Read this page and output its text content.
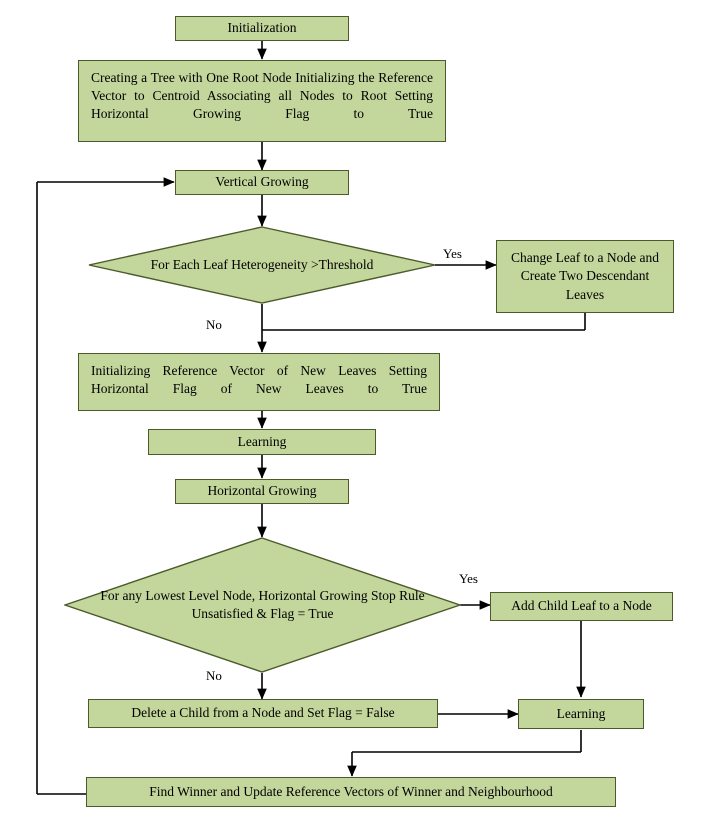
Initialization
Creating a Tree with One Root Node Initializing the Reference Vector to Centroid Associating all Nodes to Root Setting Horizontal Growing Flag to True
Vertical Growing
For Each Leaf Heterogeneity >Threshold	Change Leaf to a Node and Create Two Descendant Leaves
Initializing Reference Vector of New Leaves Setting Horizontal Flag of New Leaves to True
Learning
Horizontal Growing
For any Lowest Level Node, Horizontal Growing Stop Rule Unsatisfied & Flag = True
Add Child Leaf to a Node
Delete a Child from a Node and Set Flag = False	Learning
Find Winner and Update Reference Vectors of Winner and Neighbourhood
Yes
No
Yes
No
